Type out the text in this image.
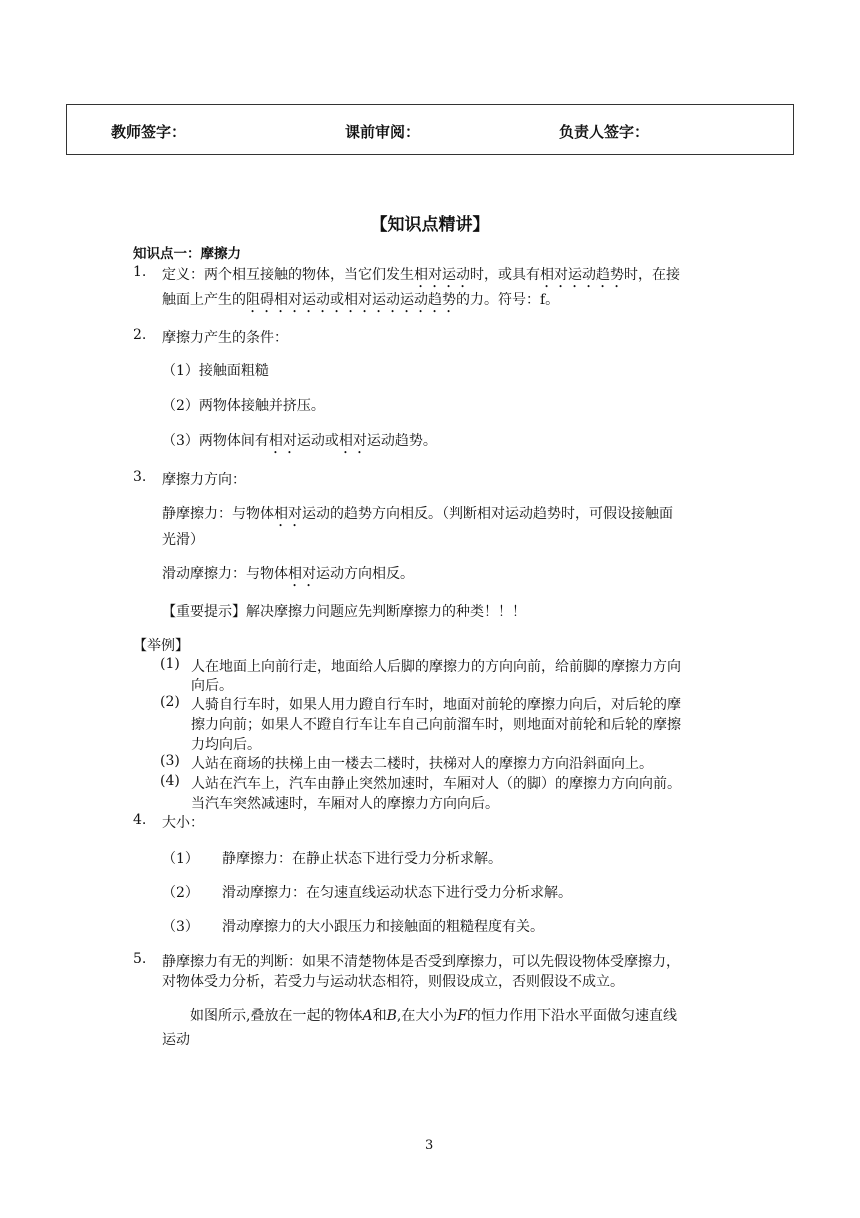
教师签字：	课前审阅：	负责人签字：
【知识点精讲】
知识点一：摩擦力
1. 定义：两个相互接触的物体，当它们发生相对运动时，或具有相对运动趋势时，在接
触面上产生的阻碍相对运动或相对运动运动趋势的力。符号：f。
2. 摩擦力产生的条件：
（1）接触面粗糙
（2）两物体接触并挤压。
（3）两物体间有相对运动或相对运动趋势。
3. 摩擦力方向：
静摩擦力：与物体相对运动的趋势方向相反。（判断相对运动趋势时，可假设接触面
光滑）
滑动摩擦力：与物体相对运动方向相反。
【重要提示】解决摩擦力问题应先判断摩擦力的种类！！！
【举例】
(1) 人在地面上向前行走，地面给人后脚的摩擦力的方向向前，给前脚的摩擦力方向
向后。
(2) 人骑自行车时，如果人用力蹬自行车时，地面对前轮的摩擦力向后，对后轮的摩
擦力向前；如果人不蹬自行车让车自己向前溜车时，则地面对前轮和后轮的摩擦
力均向后。
(3) 人站在商场的扶梯上由一楼去二楼时，扶梯对人的摩擦力方向沿斜面向上。
(4) 人站在汽车上，汽车由静止突然加速时，车厢对人（的脚）的摩擦力方向向前。
当汽车突然减速时，车厢对人的摩擦力方向向后。
4. 大小：
（1） 静摩擦力：在静止状态下进行受力分析求解。
（2） 滑动摩擦力：在匀速直线运动状态下进行受力分析求解。
（3） 滑动摩擦力的大小跟压力和接触面的粗糙程度有关。
5. 静摩擦力有无的判断：如果不清楚物体是否受到摩擦力，可以先假设物体受摩擦力，
对物体受力分析，若受力与运动状态相符，则假设成立，否则假设不成立。
如图所示,叠放在一起的物体A和B,在大小为F的恒力作用下沿水平面做匀速直线
运动
3
